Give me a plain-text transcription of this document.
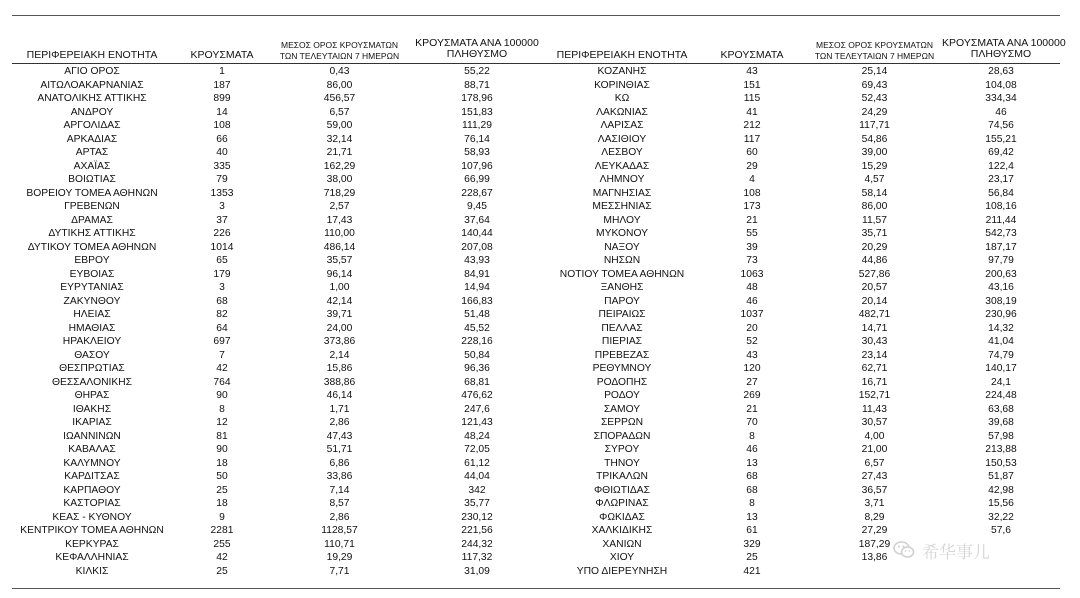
ΠΕΡΙΦΕΡΕΙΑΚΗ ΕΝΟΤΗΤΑ	ΚΡΟΥΣΜΑΤΑ
ΜΕΣΟΣ ΟΡΟΣ ΚΡΟΥΣΜΑΤΩΝ
ΤΩΝ ΤΕΛΕΥΤΑΙΩΝ 7 ΗΜΕΡΩΝ
ΚΡΟΥΣΜΑΤΑ ΑΝΑ 100000
ΠΛΗΘΥΣΜΟ	ΠΕΡΙΦΕΡΕΙΑΚΗ ΕΝΟΤΗΤΑ	ΚΡΟΥΣΜΑΤΑ
ΜΕΣΟΣ ΟΡΟΣ ΚΡΟΥΣΜΑΤΩΝ
ΤΩΝ ΤΕΛΕΥΤΑΙΩΝ 7 ΗΜΕΡΩΝ
ΚΡΟΥΣΜΑΤΑ ΑΝΑ 100000
ΠΛΗΘΥΣΜΟ
ΑΓΙΟ ΟΡΟΣ	1	0,43	55,22	ΚΟΖΑΝΗΣ	43	25,14	28,63
ΑΙΤΩΛΟΑΚΑΡΝΑΝΙΑΣ	187	86,00	88,71	ΚΟΡΙΝΘΙΑΣ	151	69,43	104,08
ΑΝΑΤΟΛΙΚΗΣ ΑΤΤΙΚΗΣ	899	456,57	178,96	ΚΩ	115	52,43	334,34
ΑΝΔΡΟΥ	14	6,57	151,83	ΛΑΚΩΝΙΑΣ	41	24,29	46
ΑΡΓΟΛΙΔΑΣ	108	59,00	111,29	ΛΑΡΙΣΑΣ	212	117,71	74,56
ΑΡΚΑΔΙΑΣ	66	32,14	76,14	ΛΑΣΙΘΙΟΥ	117	54,86	155,21
ΑΡΤΑΣ	40	21,71	58,93	ΛΕΣΒΟΥ	60	39,00	69,42
ΑΧΑΪΑΣ	335	162,29	107,96	ΛΕΥΚΑΔΑΣ	29	15,29	122,4
ΒΟΙΩΤΙΑΣ	79	38,00	66,99	ΛΗΜΝΟΥ	4	4,57	23,17
ΒΟΡΕΙΟΥ ΤΟΜΕΑ ΑΘΗΝΩΝ	1353	718,29	228,67	ΜΑΓΝΗΣΙΑΣ	108	58,14	56,84
ΓΡΕΒΕΝΩΝ	3	2,57	9,45	ΜΕΣΣΗΝΙΑΣ	173	86,00	108,16
ΔΡΑΜΑΣ	37	17,43	37,64	ΜΗΛΟΥ	21	11,57	211,44
ΔΥΤΙΚΗΣ ΑΤΤΙΚΗΣ	226	110,00	140,44	ΜΥΚΟΝΟΥ	55	35,71	542,73
ΔΥΤΙΚΟΥ ΤΟΜΕΑ ΑΘΗΝΩΝ	1014	486,14	207,08	ΝΑΞΟΥ	39	20,29	187,17
ΕΒΡΟΥ	65	35,57	43,93	ΝΗΣΩΝ	73	44,86	97,79
ΕΥΒΟΙΑΣ	179	96,14	84,91	ΝΟΤΙΟΥ ΤΟΜΕΑ ΑΘΗΝΩΝ	1063	527,86	200,63
ΕΥΡΥΤΑΝΙΑΣ	3	1,00	14,94	ΞΑΝΘΗΣ	48	20,57	43,16
ΖΑΚΥΝΘΟΥ	68	42,14	166,83	ΠΑΡΟΥ	46	20,14	308,19
ΗΛΕΙΑΣ	82	39,71	51,48	ΠΕΙΡΑΙΩΣ	1037	482,71	230,96
ΗΜΑΘΙΑΣ	64	24,00	45,52	ΠΕΛΛΑΣ	20	14,71	14,32
ΗΡΑΚΛΕΙΟΥ	697	373,86	228,16	ΠΙΕΡΙΑΣ	52	30,43	41,04
ΘΑΣΟΥ	7	2,14	50,84	ΠΡΕΒΕΖΑΣ	43	23,14	74,79
ΘΕΣΠΡΩΤΙΑΣ	42	15,86	96,36	ΡΕΘΥΜΝΟΥ	120	62,71	140,17
ΘΕΣΣΑΛΟΝΙΚΗΣ	764	388,86	68,81	ΡΟΔΟΠΗΣ	27	16,71	24,1
ΘΗΡΑΣ	90	46,14	476,62	ΡΟΔΟΥ	269	152,71	224,48
ΙΘΑΚΗΣ	8	1,71	247,6	ΣΑΜΟΥ	21	11,43	63,68
ΙΚΑΡΙΑΣ	12	2,86	121,43	ΣΕΡΡΩΝ	70	30,57	39,68
ΙΩΑΝΝΙΝΩΝ	81	47,43	48,24	ΣΠΟΡΑΔΩΝ	8	4,00	57,98
ΚΑΒΑΛΑΣ	90	51,71	72,05	ΣΥΡΟΥ	46	21,00	213,88
ΚΑΛΥΜΝΟΥ	18	6,86	61,12	ΤΗΝΟΥ	13	6,57	150,53
ΚΑΡΔΙΤΣΑΣ	50	33,86	44,04	ΤΡΙΚΑΛΩΝ	68	27,43	51,87
ΚΑΡΠΑΘΟΥ	25	7,14	342	ΦΘΙΩΤΙΔΑΣ	68	36,57	42,98
ΚΑΣΤΟΡΙΑΣ	18	8,57	35,77	ΦΛΩΡΙΝΑΣ	8	3,71	15,56
ΚΕΑΣ - ΚΥΘΝΟΥ	9	2,86	230,12	ΦΩΚΙΔΑΣ	13	8,29	32,22
ΚΕΝΤΡΙΚΟΥ ΤΟΜΕΑ ΑΘΗΝΩΝ	2281	1128,57	221,56	ΧΑΛΚΙΔΙΚΗΣ	61	27,29	57,6
ΚΕΡΚΥΡΑΣ	255	110,71	244,32	ΧΑΝΙΩΝ	329	187,29
ΚΕΦΑΛΛΗΝΙΑΣ	42	19,29	117,32	ΧΙΟΥ	25	13,86
ΚΙΛΚΙΣ	25	7,71	31,09	ΥΠΟ ΔΙΕΡΕΥΝΗΣΗ	421
希华事儿
